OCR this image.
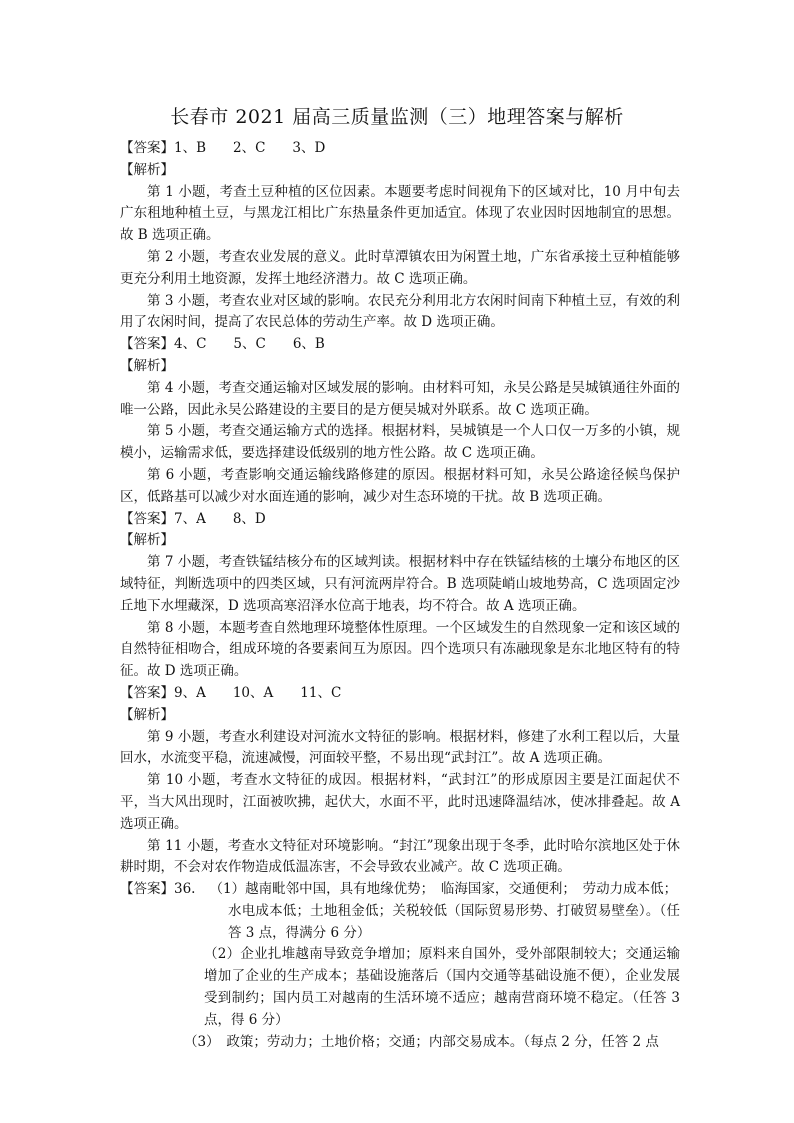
长春市 2021 届高三质量监测（三）地理答案与解析

【答案】1、B　　2、C　　3、D

【解析】

第 1 小题，考查土豆种植的区位因素。本题要考虑时间视角下的区域对比，10 月中旬去广东租地种植土豆，与黑龙江相比广东热量条件更加适宜。体现了农业因时因地制宜的思想。故 B 选项正确。

第 2 小题，考查农业发展的意义。此时草潭镇农田为闲置土地，广东省承接土豆种植能够更充分利用土地资源，发挥土地经济潜力。故 C 选项正确。

第 3 小题，考查农业对区域的影响。农民充分利用北方农闲时间南下种植土豆，有效的利用了农闲时间，提高了农民总体的劳动生产率。故 D 选项正确。

【答案】4、C　　5、C　　6、B

【解析】

第 4 小题，考查交通运输对区域发展的影响。由材料可知，永吴公路是吴城镇通往外面的唯一公路，因此永吴公路建设的主要目的是方便吴城对外联系。故 C 选项正确。

第 5 小题，考查交通运输方式的选择。根据材料，吴城镇是一个人口仅一万多的小镇，规模小，运输需求低，要选择建设低级别的地方性公路。故 C 选项正确。

第 6 小题，考查影响交通运输线路修建的原因。根据材料可知，永吴公路途径候鸟保护区，低路基可以减少对水面连通的影响，减少对生态环境的干扰。故 B 选项正确。

【答案】7、A　　8、D

【解析】

第 7 小题，考查铁锰结核分布的区域判读。根据材料中存在铁锰结核的土壤分布地区的区域特征，判断选项中的四类区域，只有河流两岸符合。B 选项陡峭山坡地势高，C 选项固定沙丘地下水埋藏深，D 选项高寒沼泽水位高于地表，均不符合。故 A 选项正确。

第 8 小题，本题考查自然地理环境整体性原理。一个区域发生的自然现象一定和该区域的自然特征相吻合，组成环境的各要素间互为原因。四个选项只有冻融现象是东北地区特有的特征。故 D 选项正确。

【答案】9、A　　10、A　　11、C

【解析】

第 9 小题，考查水利建设对河流水文特征的影响。根据材料，修建了水利工程以后，大量回水，水流变平稳，流速减慢，河面较平整，不易出现“武封江”。故 A 选项正确。

第 10 小题，考查水文特征的成因。根据材料，“武封江”的形成原因主要是江面起伏不平，当大风出现时，江面被吹拂，起伏大，水面不平，此时迅速降温结冰，使冰排叠起。故 A 选项正确。

第 11 小题，考查水文特征对环境影响。“封江”现象出现于冬季，此时哈尔滨地区处于休耕时期，不会对农作物造成低温冻害，不会导致农业减产。故 C 选项正确。

【答案】36. （1）越南毗邻中国，具有地缘优势；　临海国家，交通便利；　劳动力成本低；

水电成本低；土地租金低；关税较低（国际贸易形势、打破贸易壁垒）。（任答 3 点，得满分 6 分）

（2）企业扎堆越南导致竞争增加；原料来自国外，受外部限制较大；交通运输增加了企业的生产成本；基础设施落后（国内交通等基础设施不便），企业发展受到制约；国内员工对越南的生活环境不适应；越南营商环境不稳定。（任答 3 点，得 6 分）

（3）　政策；劳动力；土地价格；交通；内部交易成本。（每点 2 分，任答 2 点
